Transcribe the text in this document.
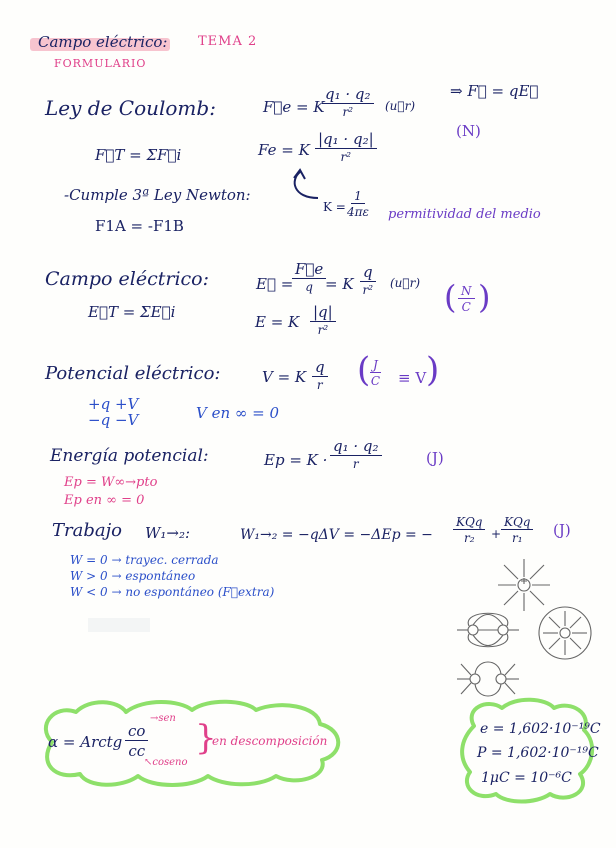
Campo eléctrico: TEMA 2
FORMULARIO
Ley de Coulomb:	F⃗e = K
q₁ · q₂
r²	(u⃗r)
⇒ F⃗ = qE⃗
(N)
F⃗T = ΣF⃗i	Fe = K
|q₁ · q₂|
r²
-Cumple 3ª Ley Newton:
F1A = -F1B
$K = \frac{1}{4\pi\varepsilon}$ permitividad del medio
Campo eléctrico:	E⃗ =
F⃗e
q = K
q
r² (u⃗r) ( $\frac{N}{C}$ )
E⃗T = ΣE⃗i
E = K
|q|
r²
Potencial eléctrico:	V = K
q
r ( $\frac{J}{C} \equiv V$ )
+q +V
−q −V	V en ∞ = 0
Energía potencial:	Ep = K ·
q₁ · q₂
r	(J)
Ep = W∞→pto
Ep en ∞ = 0
Trabajo W₁→₂:	W₁→₂ = −qΔV = −ΔEp = −
KQq
r₂ +
KQq
r₁ (J)
W = 0 → trayec. cerrada
W > 0 → espontáneo
W < 0 → no espontáneo (F⃗extra)
α = Arctg $\frac{co}{cc}$
→sen
↖coseno
}
en descomposición
e = 1,602·10⁻¹⁹C
P = 1,602·10⁻¹⁹C
1μC = 10⁻⁶C
